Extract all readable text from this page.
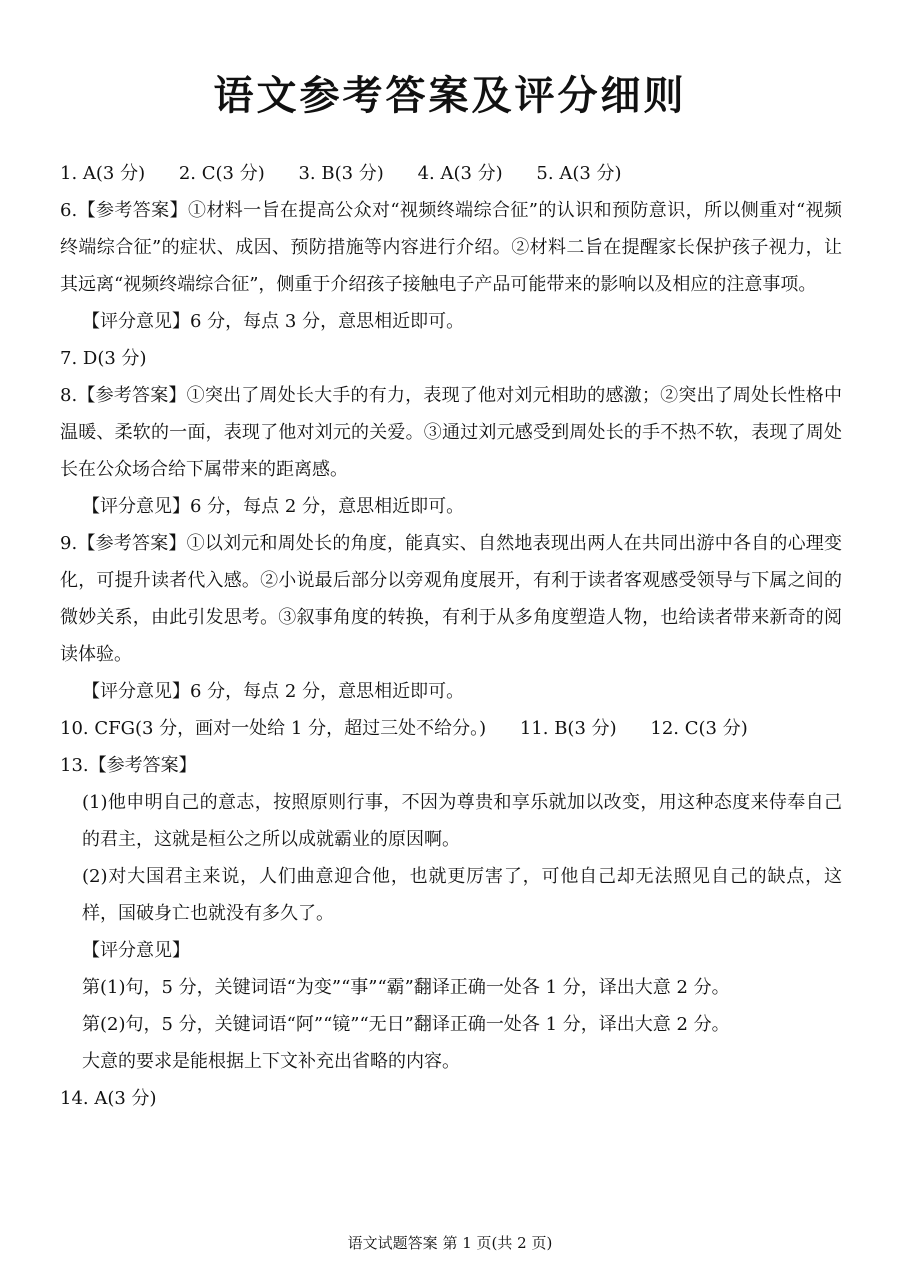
语文参考答案及评分细则
1. A(3 分) 2. C(3 分) 3. B(3 分) 4. A(3 分) 5. A(3 分)
6.【参考答案】①材料一旨在提高公众对“视频终端综合征”的认识和预防意识，所以侧重对“视频终端综合征”的症状、成因、预防措施等内容进行介绍。②材料二旨在提醒家长保护孩子视力，让其远离“视频终端综合征”，侧重于介绍孩子接触电子产品可能带来的影响以及相应的注意事项。
【评分意见】6 分，每点 3 分，意思相近即可。
7. D(3 分)
8.【参考答案】①突出了周处长大手的有力，表现了他对刘元相助的感激；②突出了周处长性格中温暖、柔软的一面，表现了他对刘元的关爱。③通过刘元感受到周处长的手不热不软，表现了周处长在公众场合给下属带来的距离感。
【评分意见】6 分，每点 2 分，意思相近即可。
9.【参考答案】①以刘元和周处长的角度，能真实、自然地表现出两人在共同出游中各自的心理变化，可提升读者代入感。②小说最后部分以旁观角度展开，有利于读者客观感受领导与下属之间的微妙关系，由此引发思考。③叙事角度的转换，有利于从多角度塑造人物，也给读者带来新奇的阅读体验。
【评分意见】6 分，每点 2 分，意思相近即可。
10. CFG(3 分，画对一处给 1 分，超过三处不给分。) 11. B(3 分) 12. C(3 分)
13.【参考答案】
(1)他申明自己的意志，按照原则行事，不因为尊贵和享乐就加以改变，用这种态度来侍奉自己的君主，这就是桓公之所以成就霸业的原因啊。
(2)对大国君主来说，人们曲意迎合他，也就更厉害了，可他自己却无法照见自己的缺点，这样，国破身亡也就没有多久了。
【评分意见】
第(1)句，5 分，关键词语“为变”“事”“霸”翻译正确一处各 1 分，译出大意 2 分。
第(2)句，5 分，关键词语“阿”“镜”“无日”翻译正确一处各 1 分，译出大意 2 分。
大意的要求是能根据上下文补充出省略的内容。
14. A(3 分)
语文试题答案 第 1 页(共 2 页)
